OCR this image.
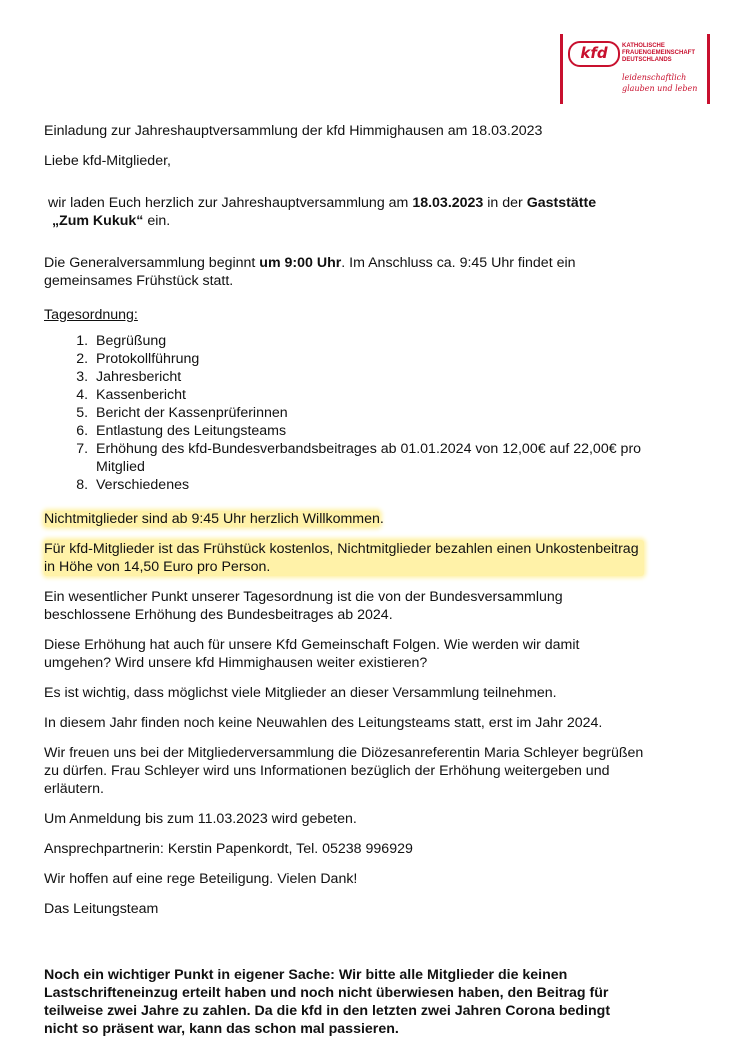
kfd	KATHOLISCHE
FRAUENGEMEINSCHAFT
DEUTSCHLANDS
leidenschaftlich
glauben und leben

Einladung zur Jahreshauptversammlung der kfd Himmighausen am 18.03.2023

Liebe kfd-Mitglieder,

wir laden Euch herzlich zur Jahreshauptversammlung am 18.03.2023 in der Gaststätte
„Zum Kukuk“ ein.

Die Generalversammlung beginnt um 9:00 Uhr. Im Anschluss ca. 9:45 Uhr findet ein gemeinsames Frühstück statt.

Tagesordnung:

1. Begrüßung
2. Protokollführung
3. Jahresbericht
4. Kassenbericht
5. Bericht der Kassenprüferinnen
6. Entlastung des Leitungsteams
7. Erhöhung des kfd-Bundesverbandsbeitrages ab 01.01.2024 von 12,00€ auf 22,00€ pro Mitglied
8. Verschiedenes

Nichtmitglieder sind ab 9:45 Uhr herzlich Willkommen.

Für kfd-Mitglieder ist das Frühstück kostenlos, Nichtmitglieder bezahlen einen Unkostenbeitrag in Höhe von 14,50 Euro pro Person.

Ein wesentlicher Punkt unserer Tagesordnung ist die von der Bundesversammlung beschlossene Erhöhung des Bundesbeitrages ab 2024.

Diese Erhöhung hat auch für unsere Kfd Gemeinschaft Folgen. Wie werden wir damit umgehen? Wird unsere kfd Himmighausen weiter existieren?

Es ist wichtig, dass möglichst viele Mitglieder an dieser Versammlung teilnehmen.

In diesem Jahr finden noch keine Neuwahlen des Leitungsteams statt, erst im Jahr 2024.

Wir freuen uns bei der Mitgliederversammlung die Diözesanreferentin Maria Schleyer begrüßen zu dürfen. Frau Schleyer wird uns Informationen bezüglich der Erhöhung weitergeben und erläutern.

Um Anmeldung bis zum 11.03.2023 wird gebeten.

Ansprechpartnerin: Kerstin Papenkordt, Tel. 05238 996929

Wir hoffen auf eine rege Beteiligung. Vielen Dank!

Das Leitungsteam

Noch ein wichtiger Punkt in eigener Sache: Wir bitte alle Mitglieder die keinen Lastschrifteneinzug erteilt haben und noch nicht überwiesen haben, den Beitrag für teilweise zwei Jahre zu zahlen. Da die kfd in den letzten zwei Jahren Corona bedingt nicht so präsent war, kann das schon mal passieren.
